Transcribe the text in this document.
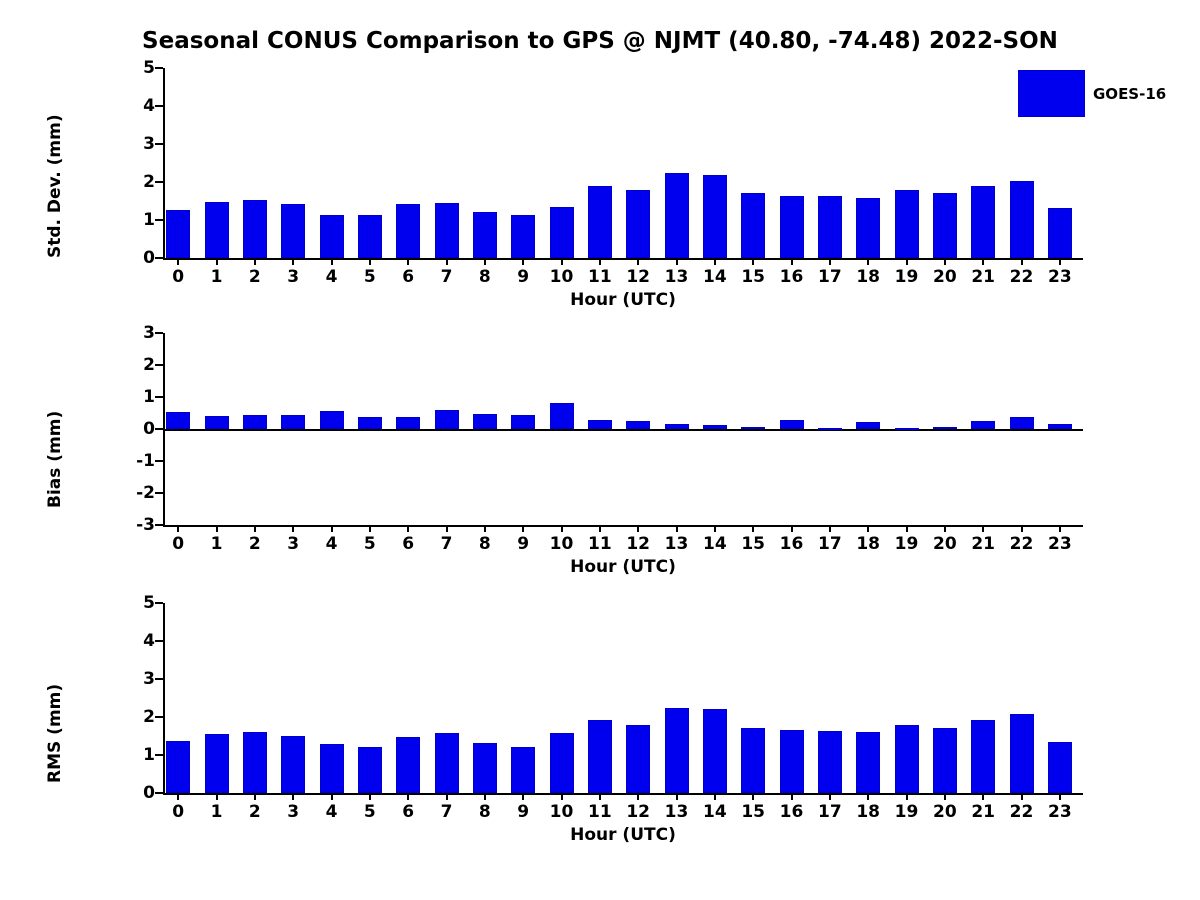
Seasonal CONUS Comparison to GPS @ NJMT (40.80, -74.48) 2022-SON
0
1
2
3
4
5
0 1 2 3 4 5 6 7 8 9 10 11 12 13 14 15 16 17 18 19 20 21 22 23
Std. Dev. (mm)
Hour (UTC)
GOES-16
-3
-2
-1
0
1
2
3
0 1 2 3 4 5 6 7 8 9 10 11 12 13 14 15 16 17 18 19 20 21 22 23
Bias (mm)
Hour (UTC)
0
1
2
3
4
5
0 1 2 3 4 5 6 7 8 9 10 11 12 13 14 15 16 17 18 19 20 21 22 23
RMS (mm)
Hour (UTC)
